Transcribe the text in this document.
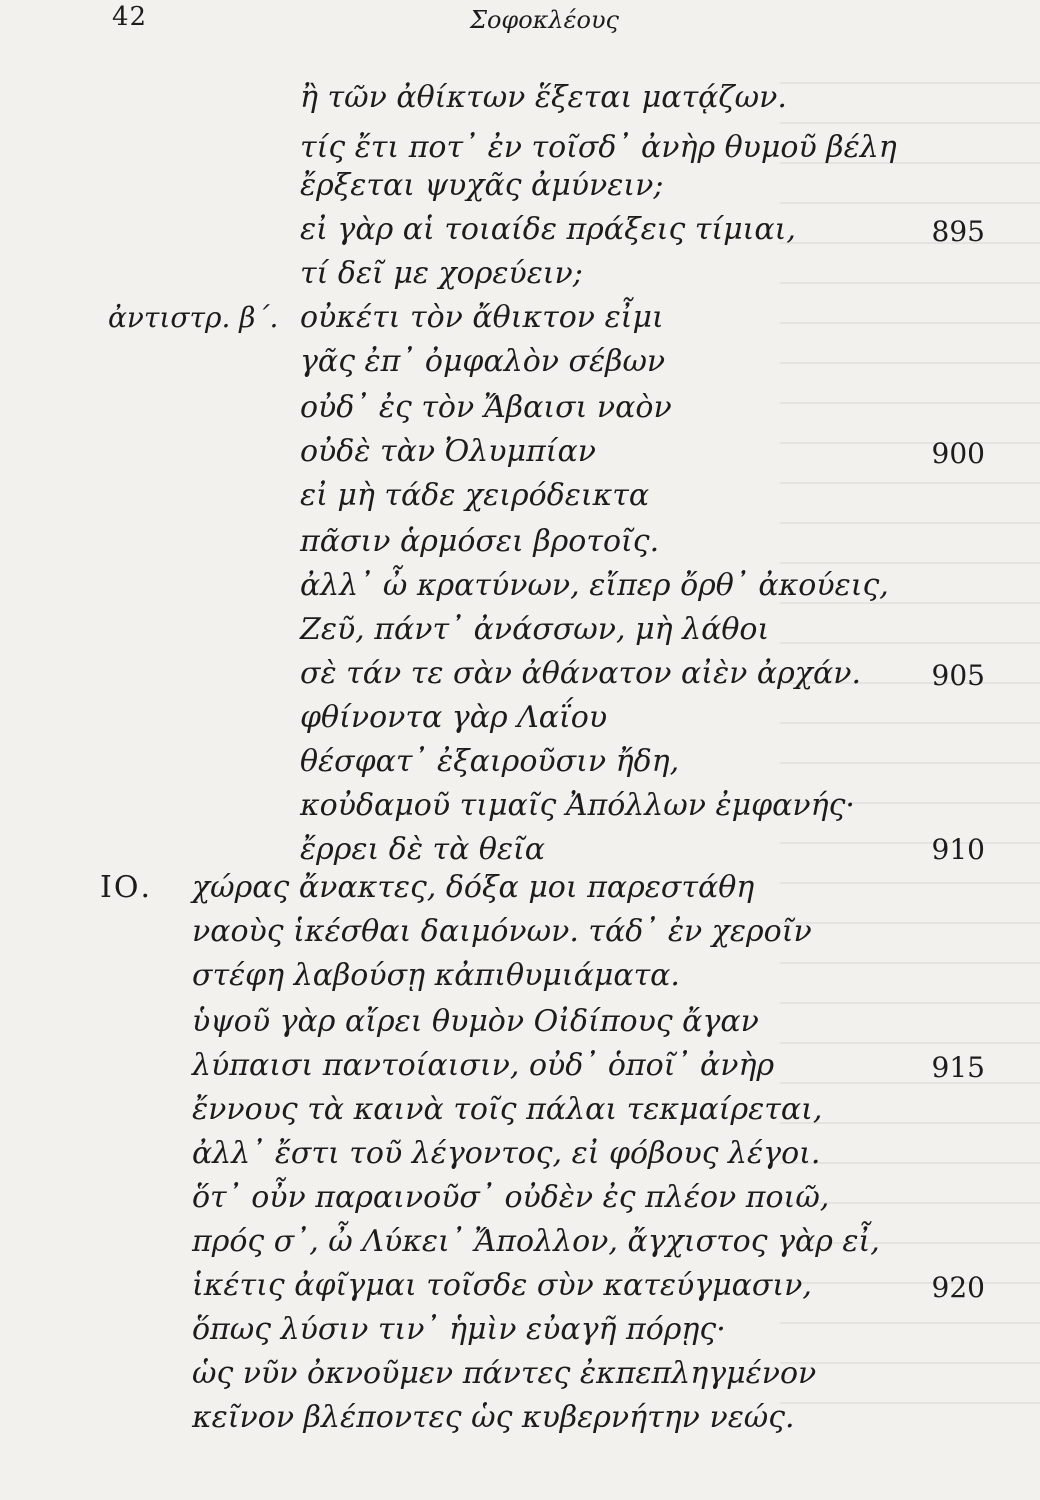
42	Σοφοκλέους
ἢ τῶν ἀθίκτων ἕξεται ματᾴζων.
τίς ἔτι ποτ᾽ ἐν τοῖσδ᾽ ἀνὴρ θυμοῦ βέλη
ἔρξεται ψυχᾶς ἀμύνειν;
εἰ γὰρ αἱ τοιαίδε πράξεις τίμιαι,
τί δεῖ με χορεύειν;
ἀντιστρ. β΄. οὐκέτι τὸν ἄθικτον εἶμι
γᾶς ἐπ᾽ ὀμφαλὸν σέβων
οὐδ᾽ ἐς τὸν Ἄβαισι ναὸν
οὐδὲ τὰν Ὀλυμπίαν
εἰ μὴ τάδε χειρόδεικτα
πᾶσιν ἁρμόσει βροτοῖς.
ἀλλ᾽ ὦ κρατύνων, εἴπερ ὄρθ᾽ ἀκούεις,
Ζεῦ, πάντ᾽ ἀνάσσων, μὴ λάθοι
σὲ τάν τε σὰν ἀθάνατον αἰὲν ἀρχάν.
φθίνοντα γὰρ Λαΐου
θέσφατ᾽ ἐξαιροῦσιν ἤδη,
κοὐδαμοῦ τιμαῖς Ἀπόλλων ἐμφανής·
ἔρρει δὲ τὰ θεῖα
ΙΟ. χώρας ἄνακτες, δόξα μοι παρεστάθη
ναοὺς ἱκέσθαι δαιμόνων. τάδ᾽ ἐν χεροῖν
στέφη λαβούσῃ κἀπιθυμιάματα.
ὑψοῦ γὰρ αἴρει θυμὸν Οἰδίπους ἄγαν
λύπαισι παντοίαισιν, οὐδ᾽ ὁποῖ᾽ ἀνὴρ
ἔννους τὰ καινὰ τοῖς πάλαι τεκμαίρεται,
ἀλλ᾽ ἔστι τοῦ λέγοντος, εἰ φόβους λέγοι.
ὅτ᾽ οὖν παραινοῦσ᾽ οὐδὲν ἐς πλέον ποιῶ,
πρός σ᾽, ὦ Λύκει᾽ Ἄπολλον, ἄγχιστος γὰρ εἶ,
ἱκέτις ἀφῖγμαι τοῖσδε σὺν κατεύγμασιν,
ὅπως λύσιν τιν᾽ ἡμὶν εὐαγῆ πόρῃς·
ὡς νῦν ὀκνοῦμεν πάντες ἐκπεπληγμένον
κεῖνον βλέποντες ὡς κυβερνήτην νεώς.
895
900
905
910
915
920
